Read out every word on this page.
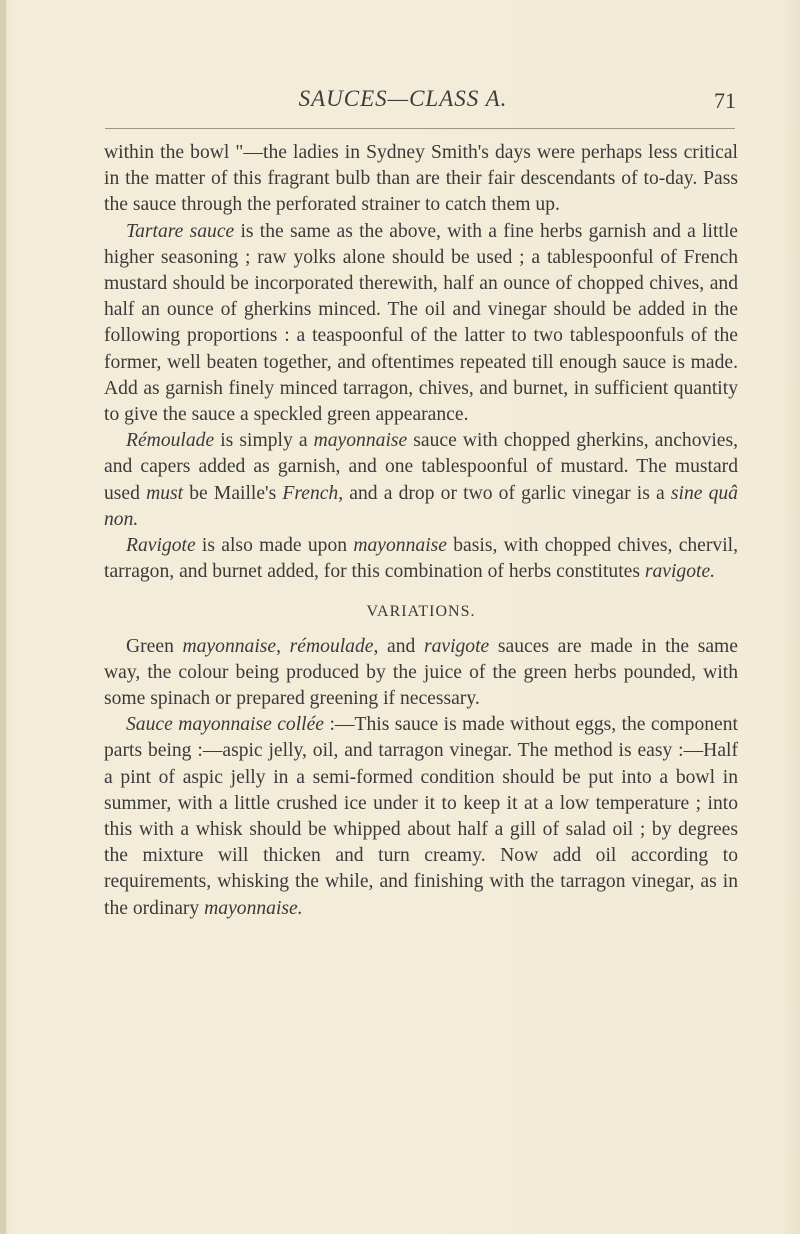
SAUCES—CLASS A.	71

within the bowl "—the ladies in Sydney Smith's days were perhaps less critical in the matter of this fragrant bulb than are their fair descendants of to-day. Pass the sauce through the perforated strainer to catch them up.

Tartare sauce is the same as the above, with a fine herbs garnish and a little higher seasoning ; raw yolks alone should be used ; a tablespoonful of French mustard should be incorporated therewith, half an ounce of chopped chives, and half an ounce of gherkins minced. The oil and vinegar should be added in the following proportions : a teaspoonful of the latter to two tablespoonfuls of the former, well beaten together, and oftentimes repeated till enough sauce is made. Add as garnish finely minced tarragon, chives, and burnet, in sufficient quantity to give the sauce a speckled green appearance.

Rémoulade is simply a mayonnaise sauce with chopped gherkins, anchovies, and capers added as garnish, and one tablespoonful of mustard. The mustard used must be Maille's French, and a drop or two of garlic vinegar is a sine quâ non.

Ravigote is also made upon mayonnaise basis, with chopped chives, chervil, tarragon, and burnet added, for this combination of herbs constitutes ravigote.

VARIATIONS.

Green mayonnaise, rémoulade, and ravigote sauces are made in the same way, the colour being produced by the juice of the green herbs pounded, with some spinach or prepared greening if necessary.

Sauce mayonnaise collée :—This sauce is made without eggs, the component parts being :—aspic jelly, oil, and tarragon vinegar. The method is easy :—Half a pint of aspic jelly in a semi-formed condition should be put into a bowl in summer, with a little crushed ice under it to keep it at a low temperature ; into this with a whisk should be whipped about half a gill of salad oil ; by degrees the mixture will thicken and turn creamy. Now add oil according to requirements, whisking the while, and finishing with the tarragon vinegar, as in the ordinary mayonnaise.
